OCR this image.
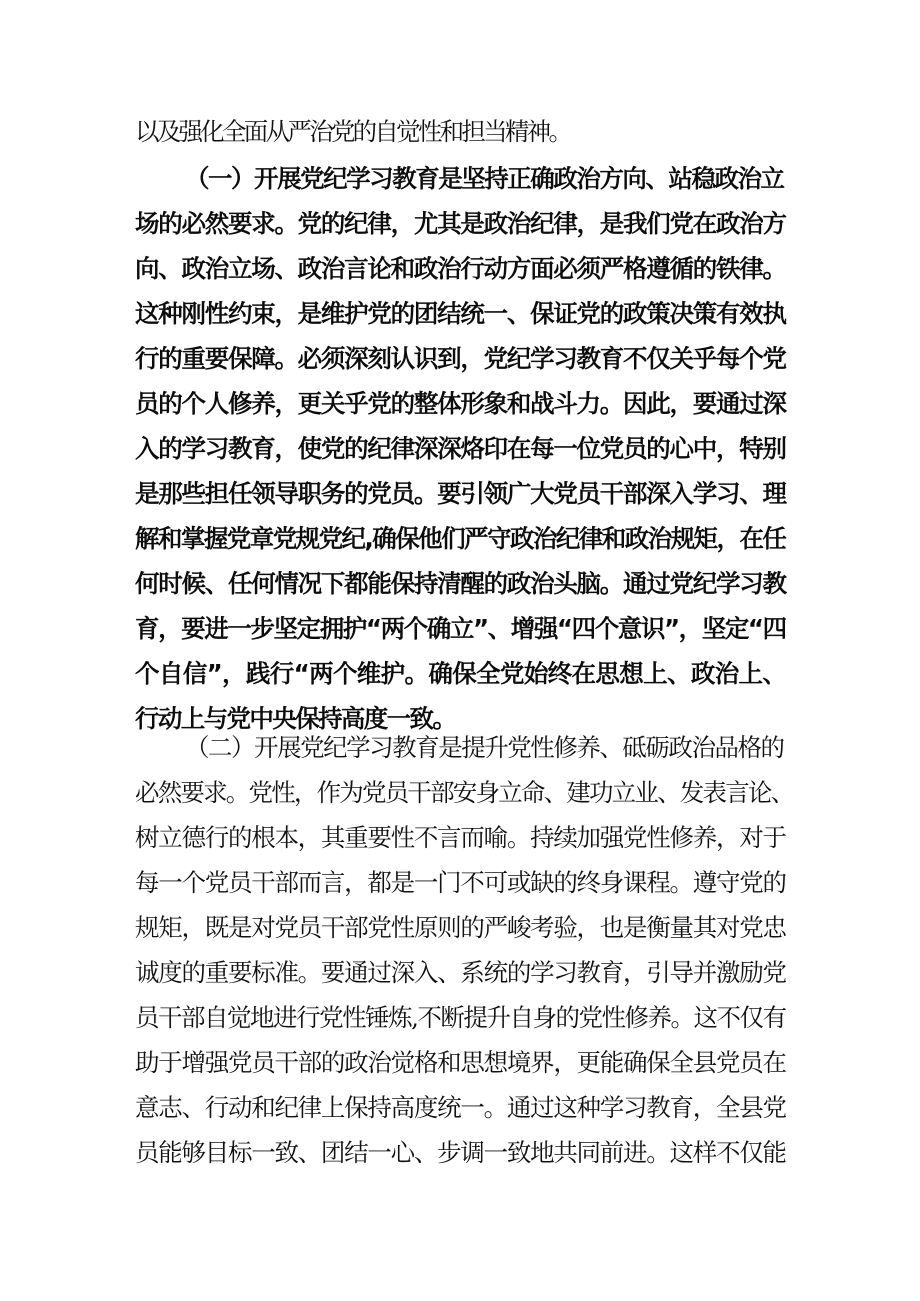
以及强化全面从严治党的自觉性和担当精神。
（一）开展党纪学习教育是坚持正确政治方向、站稳政治立
场的必然要求。党的纪律，尤其是政治纪律，是我们党在政治方
向、政治立场、政治言论和政治行动方面必须严格遵循的铁律。
这种刚性约束，是维护党的团结统一、保证党的政策决策有效执
行的重要保障。必须深刻认识到，党纪学习教育不仅关乎每个党
员的个人修养，更关乎党的整体形象和战斗力。因此，要通过深
入的学习教育，使党的纪律深深烙印在每一位党员的心中，特别
是那些担任领导职务的党员。要引领广大党员干部深入学习、理
解和掌握党章党规党纪,确保他们严守政治纪律和政治规矩，在任
何时候、任何情况下都能保持清醒的政治头脑。通过党纪学习教
育，要进一步坚定拥护“两个确立”、增强“四个意识”，坚定“四
个自信”，践行“两个维护。确保全党始终在思想上、政治上、
行动上与党中央保持高度一致。
（二）开展党纪学习教育是提升党性修养、砥砺政治品格的
必然要求。党性，作为党员干部安身立命、建功立业、发表言论、
树立德行的根本，其重要性不言而喻。持续加强党性修养，对于
每一个党员干部而言，都是一门不可或缺的终身课程。遵守党的
规矩，既是对党员干部党性原则的严峻考验，也是衡量其对党忠
诚度的重要标准。要通过深入、系统的学习教育，引导并激励党
员干部自觉地进行党性锤炼,不断提升自身的党性修养。这不仅有
助于增强党员干部的政治觉格和思想境界，更能确保全县党员在
意志、行动和纪律上保持高度统一。通过这种学习教育，全县党
员能够目标一致、团结一心、步调一致地共同前进。这样不仅能
